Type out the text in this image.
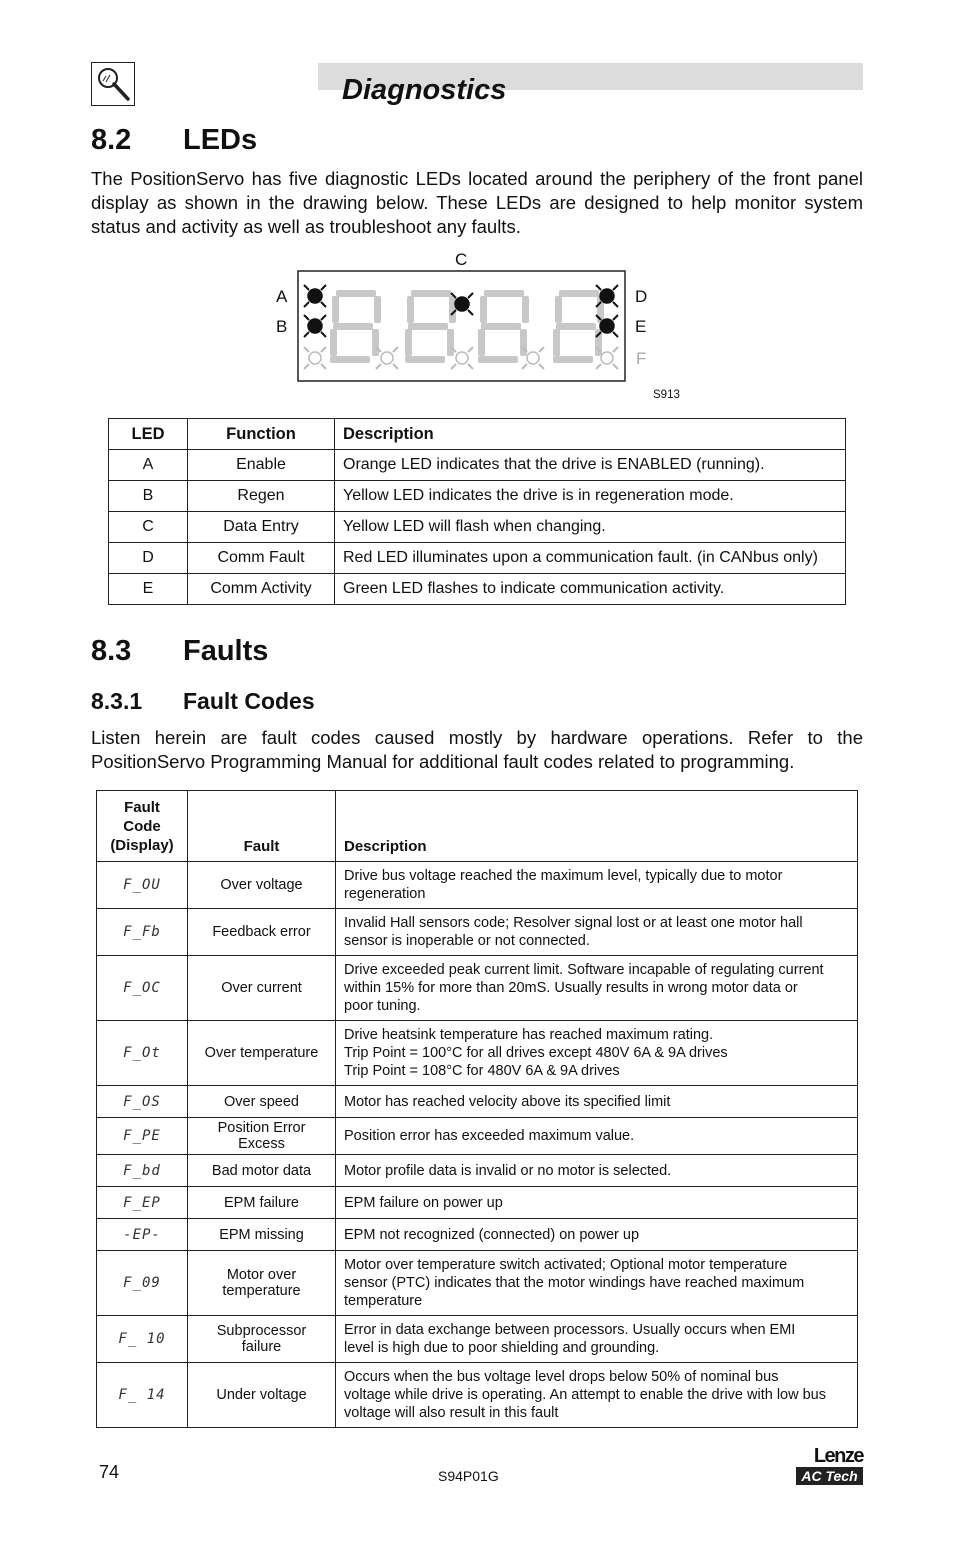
Diagnostics
8.2 LEDs
The PositionServo has five diagnostic LEDs located around the periphery of the front panel display as shown in the drawing below. These LEDs are designed to help monitor system status and activity as well as troubleshoot any faults.
C
A
B
D
E
F
S913
LED	Function	Description
A	Enable	Orange LED indicates that the drive is ENABLED (running).
B	Regen	Yellow LED indicates the drive is in regeneration mode.
C	Data Entry	Yellow LED will flash when changing.
D	Comm Fault	Red LED illuminates upon a communication fault. (in CANbus only)
E	Comm Activity	Green LED flashes to indicate communication activity.
8.3 Faults
8.3.1 Fault Codes
Listen herein are fault codes caused mostly by hardware operations. Refer to the PositionServo Programming Manual for additional fault codes related to programming.
Fault
Code
(Display)	Fault	Description
F_OU	Over voltage	Drive bus voltage reached the maximum level, typically due to motor
regeneration

F_Fb	Feedback error	Invalid Hall sensors code; Resolver signal lost or at least one motor hall
sensor is inoperable or not connected.

F_OC	Over current	Drive exceeded peak current limit. Software incapable of regulating current
within 15% for more than 20mS. Usually results in wrong motor data or
poor tuning.

F_Ot	Over temperature	Drive heatsink temperature has reached maximum rating.
Trip Point = 100°C for all drives except 480V 6A & 9A drives
Trip Point = 108°C for 480V 6A & 9A drives

F_OS	Over speed	Motor has reached velocity above its specified limit

F_PE	Position Error Excess	Position error has exceeded maximum value.

F_bd	Bad motor data	Motor profile data is invalid or no motor is selected.

F_EP	EPM failure	EPM failure on power up

-EP-	EPM missing	EPM not recognized (connected) on power up

F_09	Motor over temperature	Motor over temperature switch activated; Optional motor temperature
sensor (PTC) indicates that the motor windings have reached maximum
temperature

F_ 10	Subprocessor failure	Error in data exchange between processors. Usually occurs when EMI
level is high due to poor shielding and grounding.

F_ 14	Under voltage	Occurs when the bus voltage level drops below 50% of nominal bus
voltage while drive is operating. An attempt to enable the drive with low bus
voltage will also result in this fault
74	S94P01G
Lenze
AC Tech
